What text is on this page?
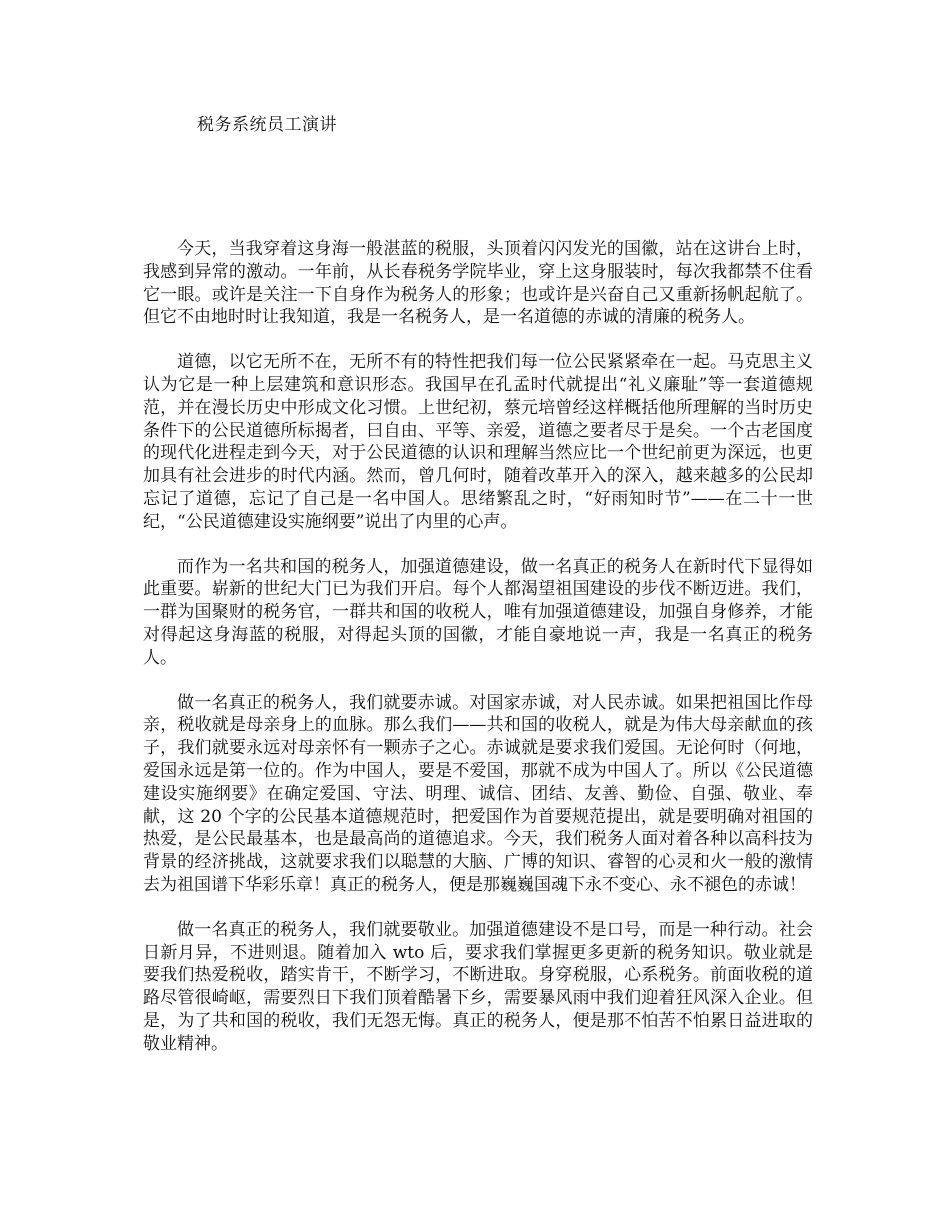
税务系统员工演讲

今天，当我穿着这身海一般湛蓝的税服，头顶着闪闪发光的国徽，站在这讲台上时，我感到异常的激动。一年前，从长春税务学院毕业，穿上这身服装时，每次我都禁不住看它一眼。或许是关注一下自身作为税务人的形象；也或许是兴奋自己又重新扬帆起航了。但它不由地时时让我知道，我是一名税务人，是一名道德的赤诚的清廉的税务人。

道德，以它无所不在，无所不有的特性把我们每一位公民紧紧牵在一起。马克思主义认为它是一种上层建筑和意识形态。我国早在孔孟时代就提出“礼义廉耻”等一套道德规范，并在漫长历史中形成文化习惯。上世纪初，蔡元培曾经这样概括他所理解的当时历史条件下的公民道德所标揭者，曰自由、平等、亲爱，道德之要者尽于是矣。一个古老国度的现代化进程走到今天，对于公民道德的认识和理解当然应比一个世纪前更为深远，也更加具有社会进步的时代内涵。然而，曾几何时，随着改革开入的深入，越来越多的公民却忘记了道德，忘记了自己是一名中国人。思绪繁乱之时，“好雨知时节”——在二十一世纪，“公民道德建设实施纲要”说出了内里的心声。

而作为一名共和国的税务人，加强道德建设，做一名真正的税务人在新时代下显得如此重要。崭新的世纪大门已为我们开启。每个人都渴望祖国建设的步伐不断迈进。我们，一群为国聚财的税务官，一群共和国的收税人，唯有加强道德建设，加强自身修养，才能对得起这身海蓝的税服，对得起头顶的国徽，才能自豪地说一声，我是一名真正的税务人。

做一名真正的税务人，我们就要赤诚。对国家赤诚，对人民赤诚。如果把祖国比作母亲，税收就是母亲身上的血脉。那么我们——共和国的收税人，就是为伟大母亲献血的孩子，我们就要永远对母亲怀有一颗赤子之心。赤诚就是要求我们爱国。无论何时（何地，爱国永远是第一位的。作为中国人，要是不爱国，那就不成为中国人了。所以《公民道德建设实施纲要》在确定爱国、守法、明理、诚信、团结、友善、勤俭、自强、敬业、奉献，这 20 个字的公民基本道德规范时，把爱国作为首要规范提出，就是要明确对祖国的热爱，是公民最基本，也是最高尚的道德追求。今天，我们税务人面对着各种以高科技为背景的经济挑战，这就要求我们以聪慧的大脑、广博的知识、睿智的心灵和火一般的激情去为祖国谱下华彩乐章！真正的税务人，便是那巍巍国魂下永不变心、永不褪色的赤诚！

做一名真正的税务人，我们就要敬业。加强道德建设不是口号，而是一种行动。社会日新月异，不进则退。随着加入 wto 后，要求我们掌握更多更新的税务知识。敬业就是要我们热爱税收，踏实肯干，不断学习，不断进取。身穿税服，心系税务。前面收税的道路尽管很崎岖，需要烈日下我们顶着酷暑下乡，需要暴风雨中我们迎着狂风深入企业。但是，为了共和国的税收，我们无怨无悔。真正的税务人，便是那不怕苦不怕累日益进取的敬业精神。
